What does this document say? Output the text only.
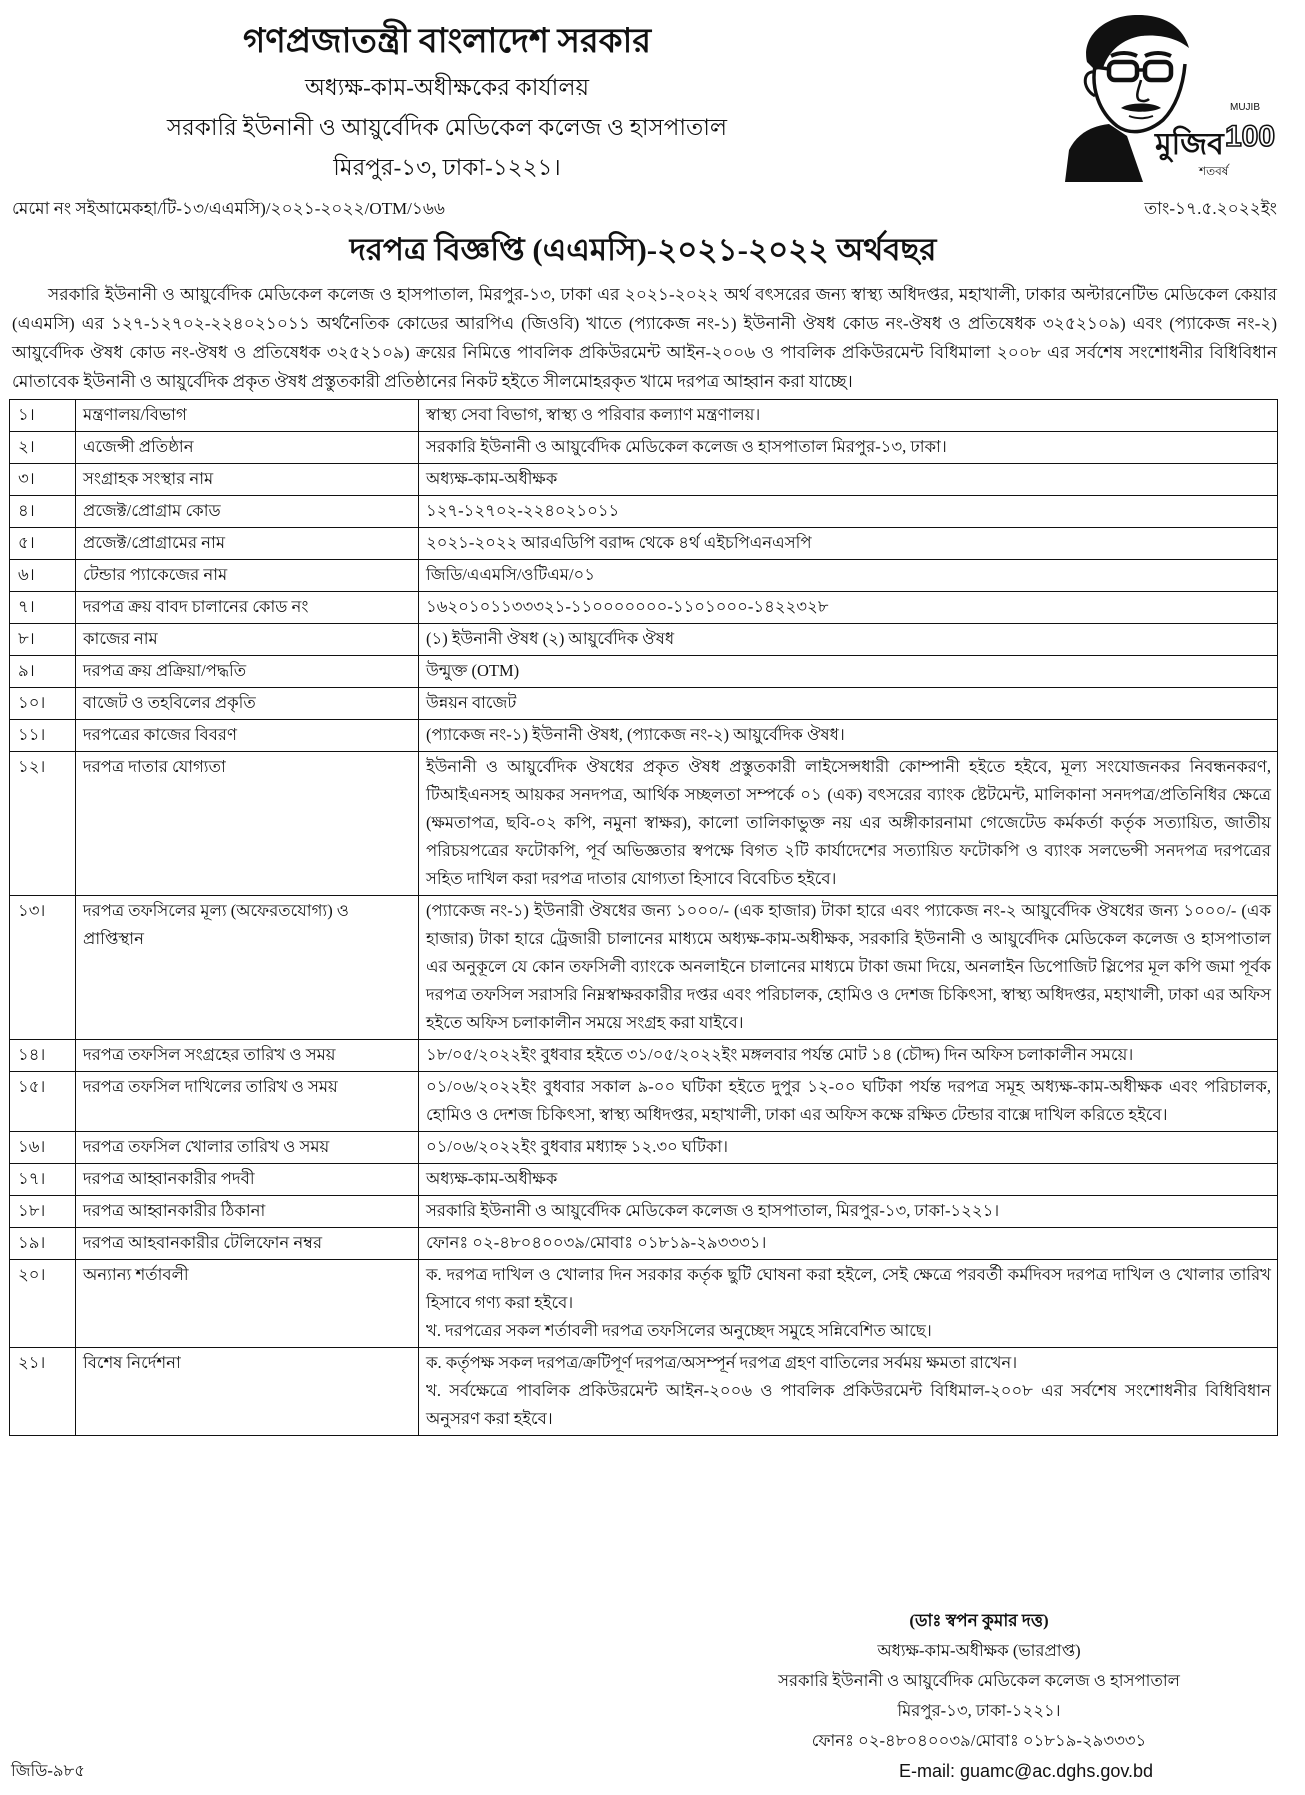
গণপ্রজাতন্ত্রী বাংলাদেশ সরকার
অধ্যক্ষ-কাম-অধীক্ষকের কার্যালয়
সরকারি ইউনানী ও আয়ুর্বেদিক মেডিকেল কলেজ ও হাসপাতাল
মিরপুর-১৩, ঢাকা-১২২১।
মুজিব
শতবর্ষ
MUJIB
100
মেমো নং সইআমেকহা/টি-১৩/এএমসি)/২০২১-২০২২/OTM/১৬৬	তাং-১৭.৫.২০২২ইং
দরপত্র বিজ্ঞপ্তি (এএমসি)-২০২১-২০২২ অর্থবছর
সরকারি ইউনানী ও আয়ুর্বেদিক মেডিকেল কলেজ ও হাসপাতাল, মিরপুর-১৩, ঢাকা এর ২০২১-২০২২ অর্থ বৎসরের জন্য স্বাস্থ্য অধিদপ্তর, মহাখালী, ঢাকার অল্টারনেটিভ মেডিকেল কেয়ার (এএমসি) এর ১২৭-১২৭০২-২২৪০২১০১১ অর্থনৈতিক কোডের আরপিএ (জিওবি) খাতে (প্যাকেজ নং-১) ইউনানী ঔষধ কোড নং-ঔষধ ও প্রতিষেধক ৩২৫২১০৯) এবং (প্যাকেজ নং-২) আয়ুর্বেদিক ঔষধ কোড নং-ঔষধ ও প্রতিষেধক ৩২৫২১০৯) ক্রয়ের নিমিত্তে পাবলিক প্রকিউরমেন্ট আইন-২০০৬ ও পাবলিক প্রকিউরমেন্ট বিধিমালা ২০০৮ এর সর্বশেষ সংশোধনীর বিধিবিধান মোতাবেক ইউনানী ও আয়ুর্বেদিক প্রকৃত ঔষধ প্রস্তুতকারী প্রতিষ্ঠানের নিকট হইতে সীলমোহরকৃত খামে দরপত্র আহ্বান করা যাচ্ছে।
১।	মন্ত্রণালয়/বিভাগ	স্বাস্থ্য সেবা বিভাগ, স্বাস্থ্য ও পরিবার কল্যাণ মন্ত্রণালয়।
২।	এজেন্সী প্রতিষ্ঠান	সরকারি ইউনানী ও আয়ুর্বেদিক মেডিকেল কলেজ ও হাসপাতাল মিরপুর-১৩, ঢাকা।
৩।	সংগ্রাহক সংস্থার নাম	অধ্যক্ষ-কাম-অধীক্ষক
৪।	প্রজেক্ট/প্রোগ্রাম কোড	১২৭-১২৭০২-২২৪০২১০১১
৫।	প্রজেক্ট/প্রোগ্রামের নাম	২০২১-২০২২ আরএডিপি বরাদ্দ থেকে ৪র্থ এইচপিএনএসপি
৬।	টেন্ডার প্যাকেজের নাম	জিডি/এএমসি/ওটিএম/০১
৭।	দরপত্র ক্রয় বাবদ চালানের কোড নং	১৬২০১০১১৩৩৩২১-১১০০০০০০০-১১০১০০০-১৪২২৩২৮
৮।	কাজের নাম	(১) ইউনানী ঔষধ (২) আয়ুর্বেদিক ঔষধ
৯।	দরপত্র ক্রয় প্রক্রিয়া/পদ্ধতি	উন্মুক্ত (OTM)
১০।	বাজেট ও তহবিলের প্রকৃতি	উন্নয়ন বাজেট
১১।	দরপত্রের কাজের বিবরণ	(প্যাকেজ নং-১) ইউনানী ঔষধ, (প্যাকেজ নং-২) আয়ুর্বেদিক ঔষধ।
১২।	দরপত্র দাতার যোগ্যতা	ইউনানী ও আয়ুর্বেদিক ঔষধের প্রকৃত ঔষধ প্রস্তুতকারী লাইসেন্সধারী কোম্পানী হইতে হইবে, মূল্য সংযোজনকর নিবন্ধনকরণ, টিআইএনসহ আয়কর সনদপত্র, আর্থিক সচ্ছলতা সম্পর্কে ০১ (এক) বৎসরের ব্যাংক ষ্টেটমেন্ট, মালিকানা সনদপত্র/প্রতিনিধির ক্ষেত্রে (ক্ষমতাপত্র, ছবি-০২ কপি, নমুনা স্বাক্ষর), কালো তালিকাভুক্ত নয় এর অঙ্গীকারনামা গেজেটেড কর্মকর্তা কর্তৃক সত্যায়িত, জাতীয় পরিচয়পত্রের ফটোকপি, পূর্ব অভিজ্ঞতার স্বপক্ষে বিগত ২টি কার্যাদেশের সত্যায়িত ফটোকপি ও ব্যাংক সলভেন্সী সনদপত্র দরপত্রের সহিত দাখিল করা দরপত্র দাতার যোগ্যতা হিসাবে বিবেচিত হইবে।
১৩।	দরপত্র তফসিলের মূল্য (অফেরতযোগ্য) ও প্রাপ্তিস্থান	(প্যাকেজ নং-১) ইউনারী ঔষধের জন্য ১০০০/- (এক হাজার) টাকা হারে এবং প্যাকেজ নং-২ আয়ুর্বেদিক ঔষধের জন্য ১০০০/- (এক হাজার) টাকা হারে ট্রেজারী চালানের মাধ্যমে অধ্যক্ষ-কাম-অধীক্ষক, সরকারি ইউনানী ও আয়ুর্বেদিক মেডিকেল কলেজ ও হাসপাতাল এর অনুকূলে যে কোন তফসিলী ব্যাংকে অনলাইনে চালানের মাধ্যমে টাকা জমা দিয়ে, অনলাইন ডিপোজিট স্লিপের মূল কপি জমা পূর্বক দরপত্র তফসিল সরাসরি নিম্নস্বাক্ষরকারীর দপ্তর এবং পরিচালক, হোমিও ও দেশজ চিকিৎসা, স্বাস্থ্য অধিদপ্তর, মহাখালী, ঢাকা এর অফিস হইতে অফিস চলাকালীন সময়ে সংগ্রহ করা যাইবে।
১৪।	দরপত্র তফসিল সংগ্রহের তারিখ ও সময়	১৮/০৫/২০২২ইং বুধবার হইতে ৩১/০৫/২০২২ইং মঙ্গলবার পর্যন্ত মোট ১৪ (চৌদ্দ) দিন অফিস চলাকালীন সময়ে।
১৫।	দরপত্র তফসিল দাখিলের তারিখ ও সময়	০১/০৬/২০২২ইং বুধবার সকাল ৯-০০ ঘটিকা হইতে দুপুর ১২-০০ ঘটিকা পর্যন্ত দরপত্র সমূহ অধ্যক্ষ-কাম-অধীক্ষক এবং পরিচালক, হোমিও ও দেশজ চিকিৎসা, স্বাস্থ্য অধিদপ্তর, মহাখালী, ঢাকা এর অফিস কক্ষে রক্ষিত টেন্ডার বাক্সে দাখিল করিতে হইবে।
১৬।	দরপত্র তফসিল খোলার তারিখ ও সময়	০১/০৬/২০২২ইং বুধবার মধ্যাহ্ন ১২.৩০ ঘটিকা।
১৭।	দরপত্র আহ্বানকারীর পদবী	অধ্যক্ষ-কাম-অধীক্ষক
১৮।	দরপত্র আহ্বানকারীর ঠিকানা	সরকারি ইউনানী ও আয়ুর্বেদিক মেডিকেল কলেজ ও হাসপাতাল, মিরপুর-১৩, ঢাকা-১২২১।
১৯।	দরপত্র আহবানকারীর টেলিফোন নম্বর	ফোনঃ ০২-৪৮০৪০০৩৯/মোবাঃ ০১৮১৯-২৯৩৩৩১।
২০।	অন্যান্য শর্তাবলী	ক. দরপত্র দাখিল ও খোলার দিন সরকার কর্তৃক ছুটি ঘোষনা করা হইলে, সেই ক্ষেত্রে পরবর্তী কর্মদিবস দরপত্র দাখিল ও খোলার তারিখ হিসাবে গণ্য করা হইবে।
খ. দরপত্রের সকল শর্তাবলী দরপত্র তফসিলের অনুচ্ছেদ সমুহে সন্নিবেশিত আছে।

২১।	বিশেষ নির্দেশনা	ক. কর্তৃপক্ষ সকল দরপত্র/ক্রটিপূর্ণ দরপত্র/অসম্পূর্ন দরপত্র গ্রহণ বাতিলের সর্বময় ক্ষমতা রাখেন।
খ. সর্বক্ষেত্রে পাবলিক প্রকিউরমেন্ট আইন-২০০৬ ও পাবলিক প্রকিউরমেন্ট বিধিমাল-২০০৮ এর সর্বশেষ সংশোধনীর বিধিবিধান অনুসরণ করা হইবে।
(ডাঃ স্বপন কুমার দত্ত)
অধ্যক্ষ-কাম-অধীক্ষক (ভারপ্রাপ্ত)
সরকারি ইউনানী ও আয়ুর্বেদিক মেডিকেল কলেজ ও হাসপাতাল
মিরপুর-১৩, ঢাকা-১২২১।
ফোনঃ ০২-৪৮০৪০০৩৯/মোবাঃ ০১৮১৯-২৯৩৩৩১
E-mail: guamc@ac.dghs.gov.bd
জিডি-৯৮৫
